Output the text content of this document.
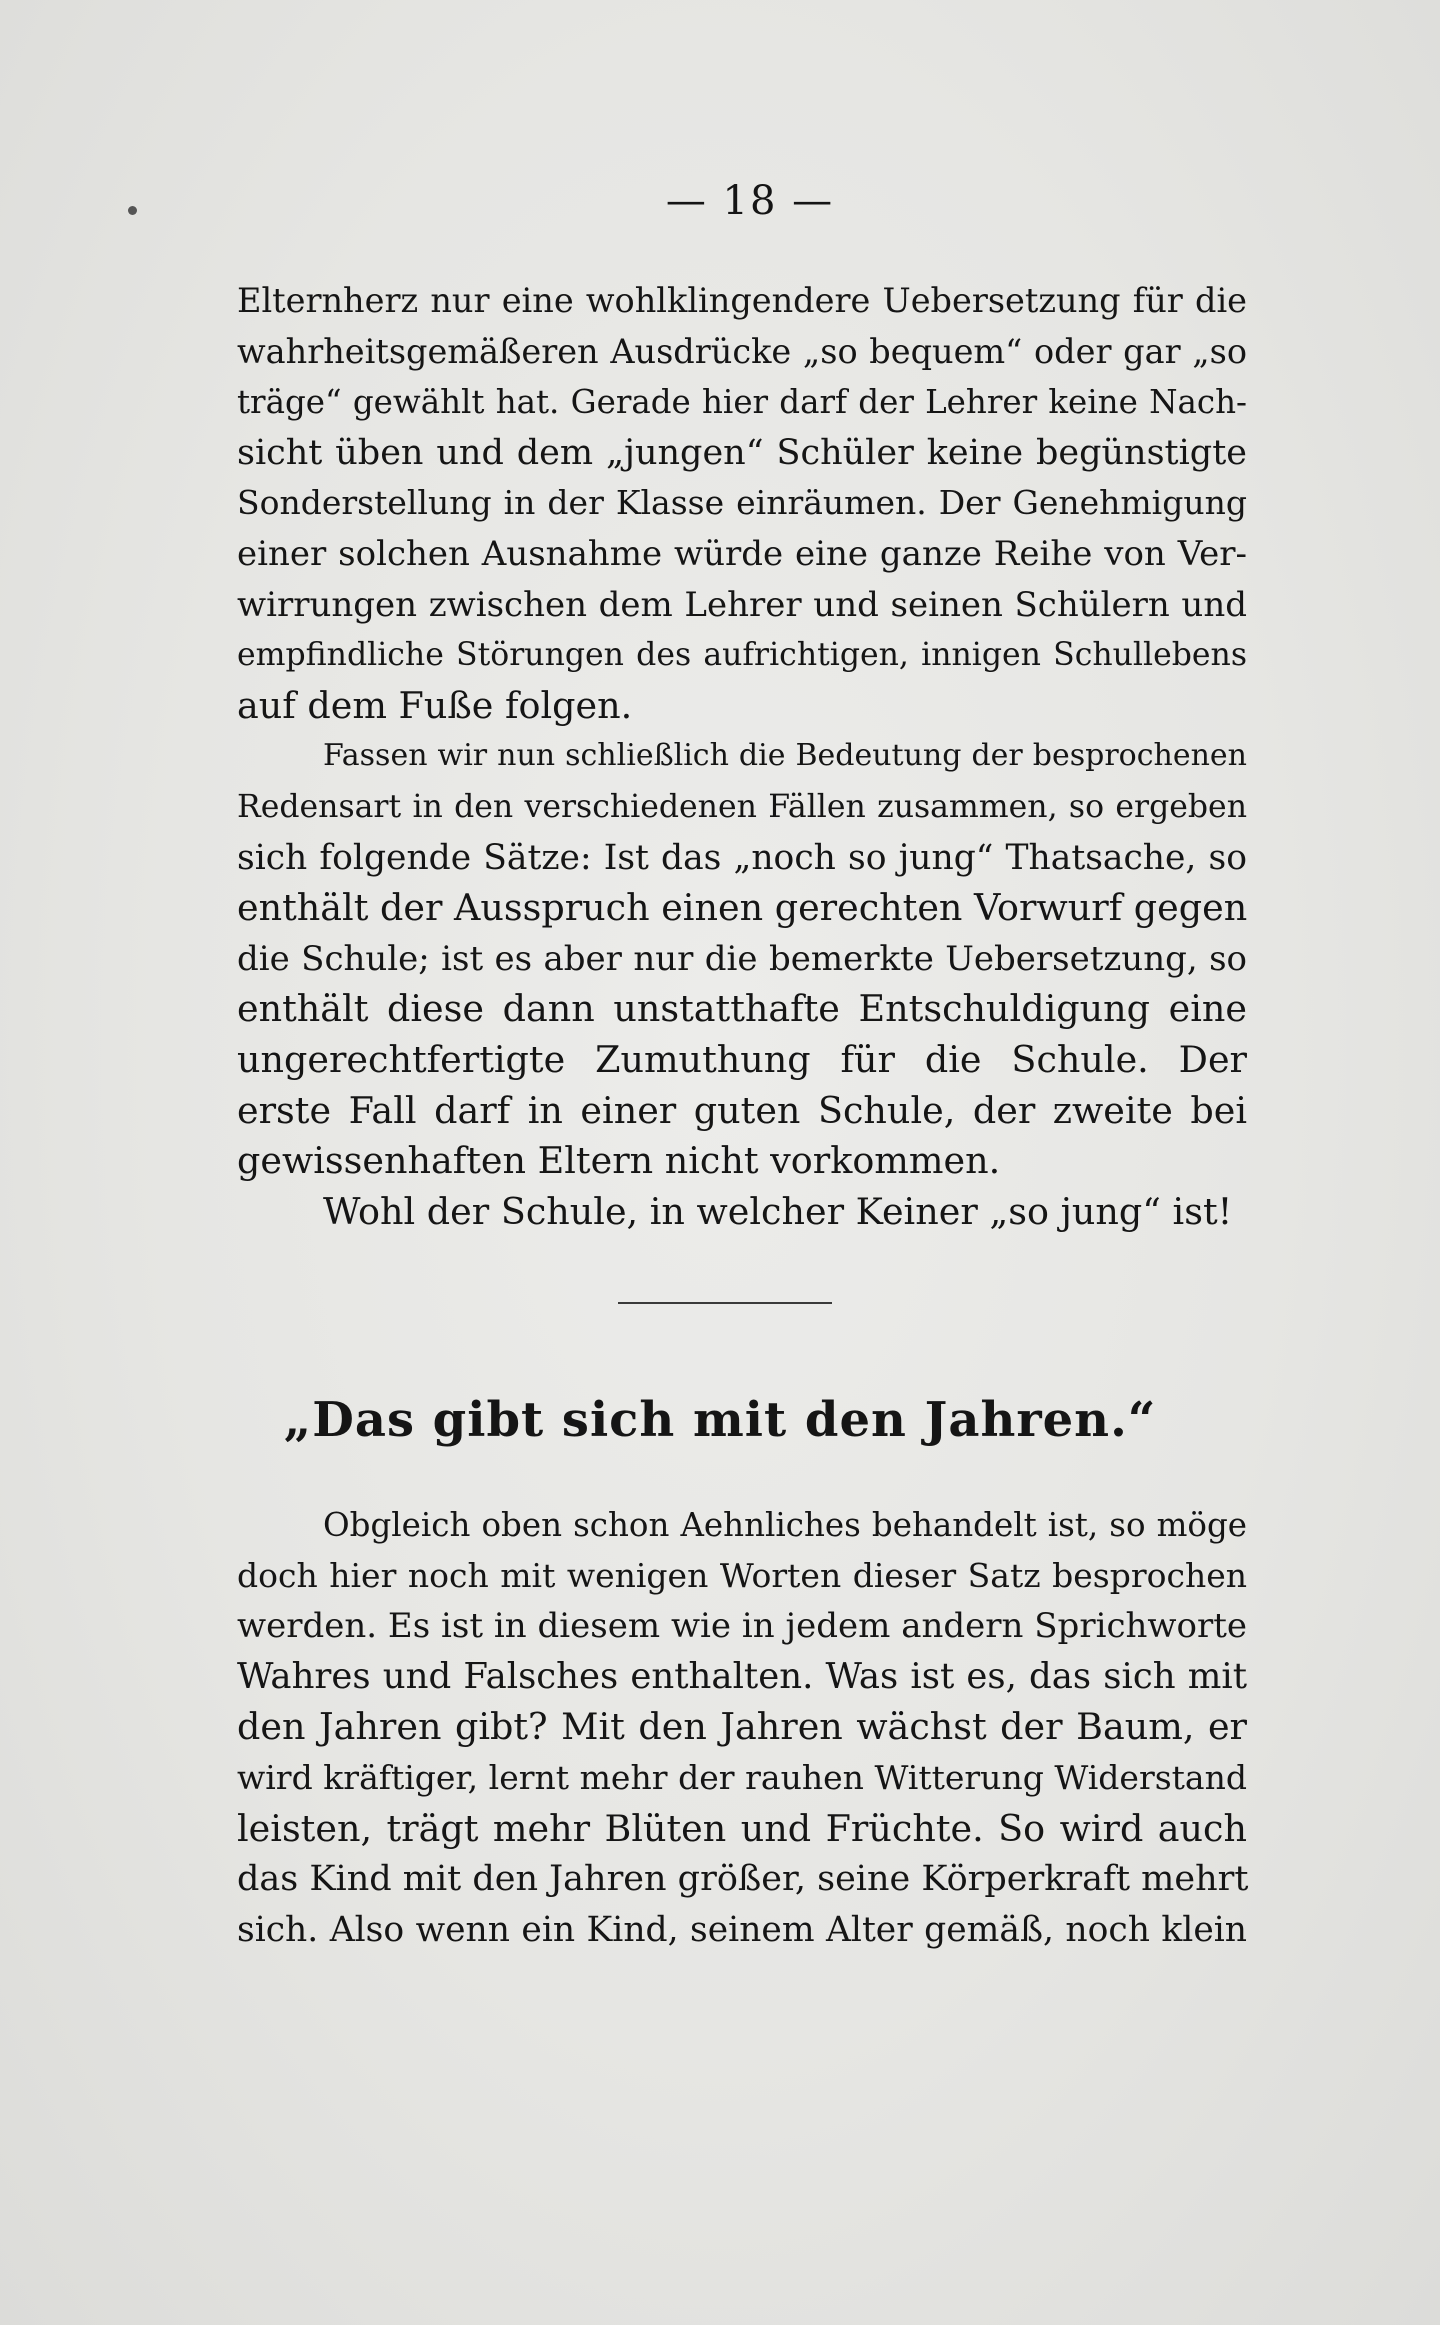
— 18 —
Elternherz nur eine wohlklingendere Uebersetzung für die
wahrheitsgemäßeren Ausdrücke „so bequem“ oder gar „so
träge“ gewählt hat. Gerade hier darf der Lehrer keine Nach-
sicht üben und dem „jungen“ Schüler keine begünstigte
Sonderstellung in der Klasse einräumen. Der Genehmigung
einer solchen Ausnahme würde eine ganze Reihe von Ver-
wirrungen zwischen dem Lehrer und seinen Schülern und
empfindliche Störungen des aufrichtigen, innigen Schullebens
auf dem Fuße folgen.
Fassen wir nun schließlich die Bedeutung der besprochenen
Redensart in den verschiedenen Fällen zusammen, so ergeben
sich folgende Sätze: Ist das „noch so jung“ Thatsache, so
enthält der Ausspruch einen gerechten Vorwurf gegen
die Schule; ist es aber nur die bemerkte Uebersetzung, so
enthält diese dann unstatthafte Entschuldigung eine
ungerechtfertigte Zumuthung für die Schule. Der
erste Fall darf in einer guten Schule, der zweite bei
gewissenhaften Eltern nicht vorkommen.
Wohl der Schule, in welcher Keiner „so jung“ ist!
„Das gibt sich mit den Jahren.“
Obgleich oben schon Aehnliches behandelt ist, so möge
doch hier noch mit wenigen Worten dieser Satz besprochen
werden. Es ist in diesem wie in jedem andern Sprichworte
Wahres und Falsches enthalten. Was ist es, das sich mit
den Jahren gibt? Mit den Jahren wächst der Baum, er
wird kräftiger, lernt mehr der rauhen Witterung Widerstand
leisten, trägt mehr Blüten und Früchte. So wird auch
das Kind mit den Jahren größer, seine Körperkraft mehrt
sich. Also wenn ein Kind, seinem Alter gemäß, noch klein
